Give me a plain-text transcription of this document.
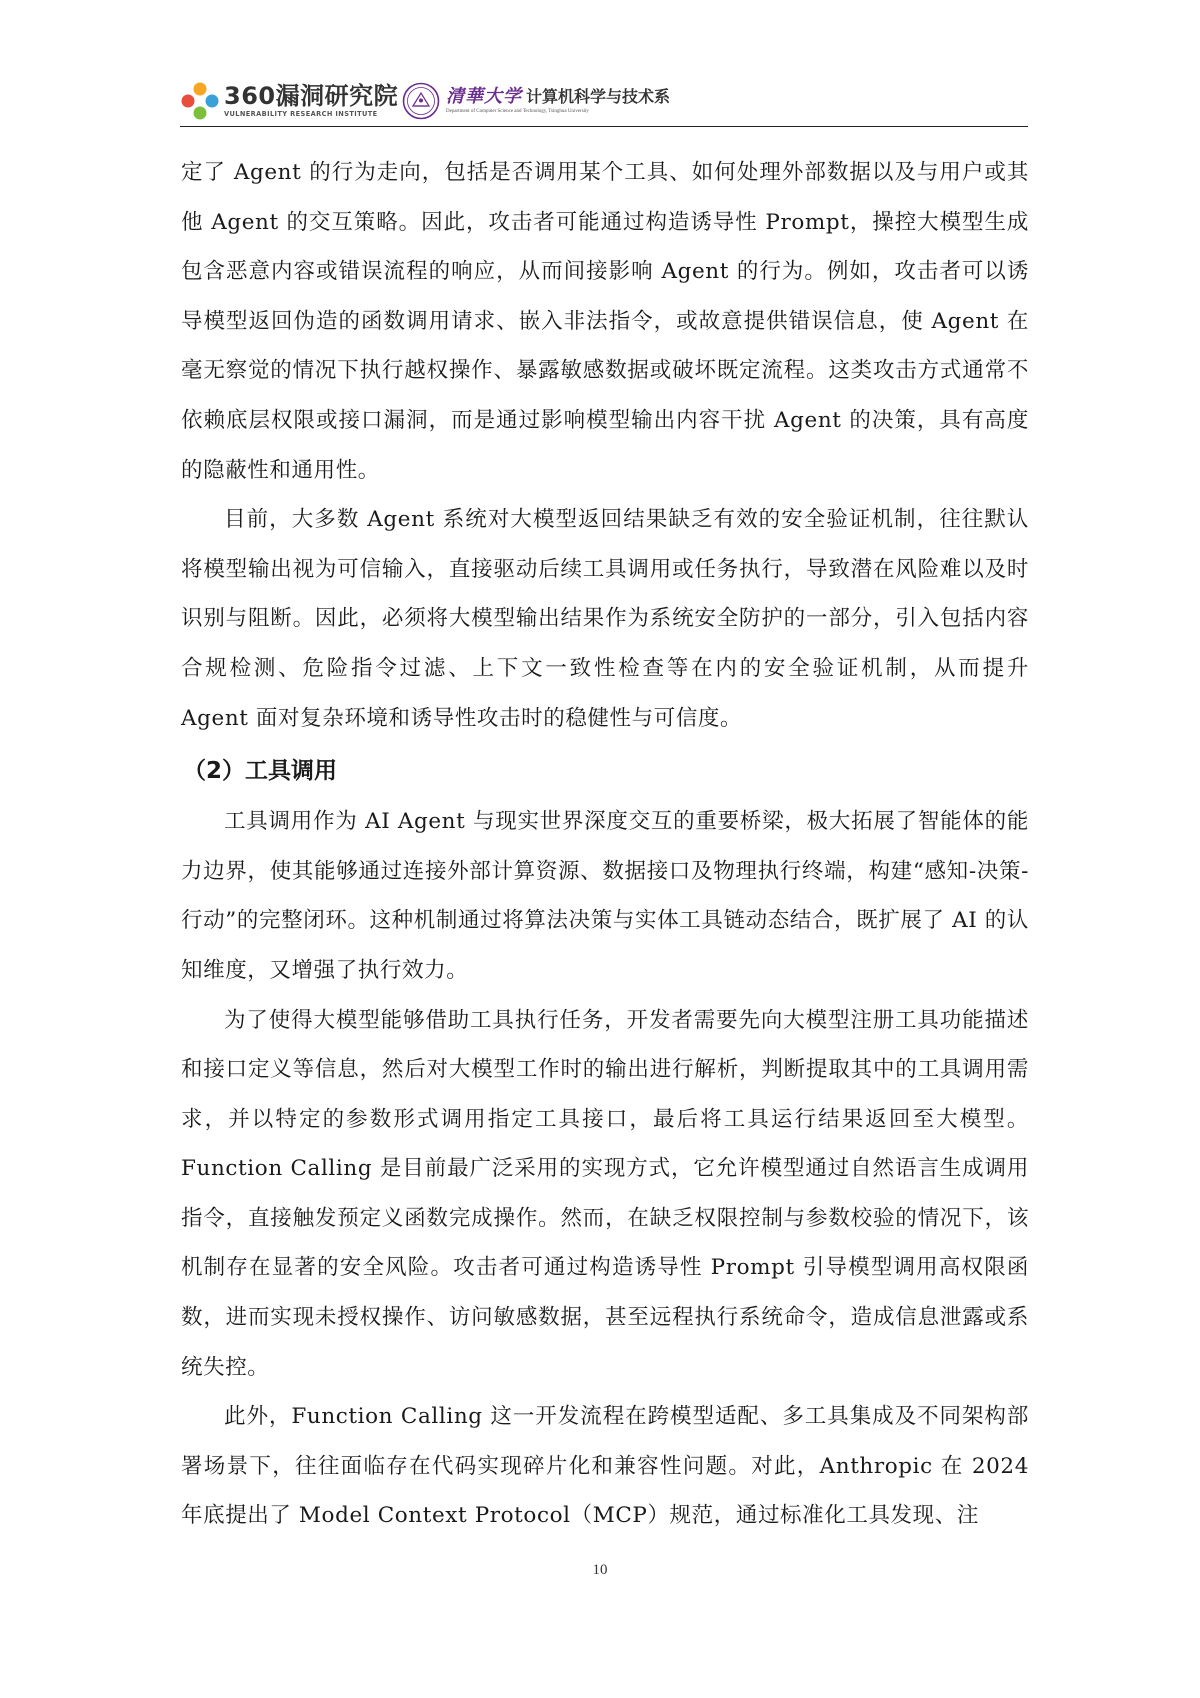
360漏洞研究院
VULNERABILITY RESEARCH INSTITUTE
清華大学 计算机科学与技术系
Department of Computer Science and Technology, Tsinghua University

定了 Agent 的行为走向，包括是否调用某个工具、如何处理外部数据以及与用户或其他 Agent 的交互策略。因此，攻击者可能通过构造诱导性 Prompt，操控大模型生成包含恶意内容或错误流程的响应，从而间接影响 Agent 的行为。例如，攻击者可以诱导模型返回伪造的函数调用请求、嵌入非法指令，或故意提供错误信息，使 Agent 在毫无察觉的情况下执行越权操作、暴露敏感数据或破坏既定流程。这类攻击方式通常不依赖底层权限或接口漏洞，而是通过影响模型输出内容干扰 Agent 的决策，具有高度的隐蔽性和通用性。

目前，大多数 Agent 系统对大模型返回结果缺乏有效的安全验证机制，往往默认将模型输出视为可信输入，直接驱动后续工具调用或任务执行，导致潜在风险难以及时识别与阻断。因此，必须将大模型输出结果作为系统安全防护的一部分，引入包括内容合规检测、危险指令过滤、上下文一致性检查等在内的安全验证机制，从而提升 Agent 面对复杂环境和诱导性攻击时的稳健性与可信度。

（2）工具调用

工具调用作为 AI Agent 与现实世界深度交互的重要桥梁，极大拓展了智能体的能力边界，使其能够通过连接外部计算资源、数据接口及物理执行终端，构建“感知-决策-行动”的完整闭环。这种机制通过将算法决策与实体工具链动态结合，既扩展了 AI 的认知维度，又增强了执行效力。

为了使得大模型能够借助工具执行任务，开发者需要先向大模型注册工具功能描述和接口定义等信息，然后对大模型工作时的输出进行解析，判断提取其中的工具调用需求，并以特定的参数形式调用指定工具接口，最后将工具运行结果返回至大模型。Function Calling 是目前最广泛采用的实现方式，它允许模型通过自然语言生成调用指令，直接触发预定义函数完成操作。然而，在缺乏权限控制与参数校验的情况下，该机制存在显著的安全风险。攻击者可通过构造诱导性 Prompt 引导模型调用高权限函数，进而实现未授权操作、访问敏感数据，甚至远程执行系统命令，造成信息泄露或系统失控。

此外，Function Calling 这一开发流程在跨模型适配、多工具集成及不同架构部署场景下，往往面临存在代码实现碎片化和兼容性问题。对此，Anthropic 在 2024 年底提出了 Model Context Protocol（MCP）规范，通过标准化工具发现、注

10
